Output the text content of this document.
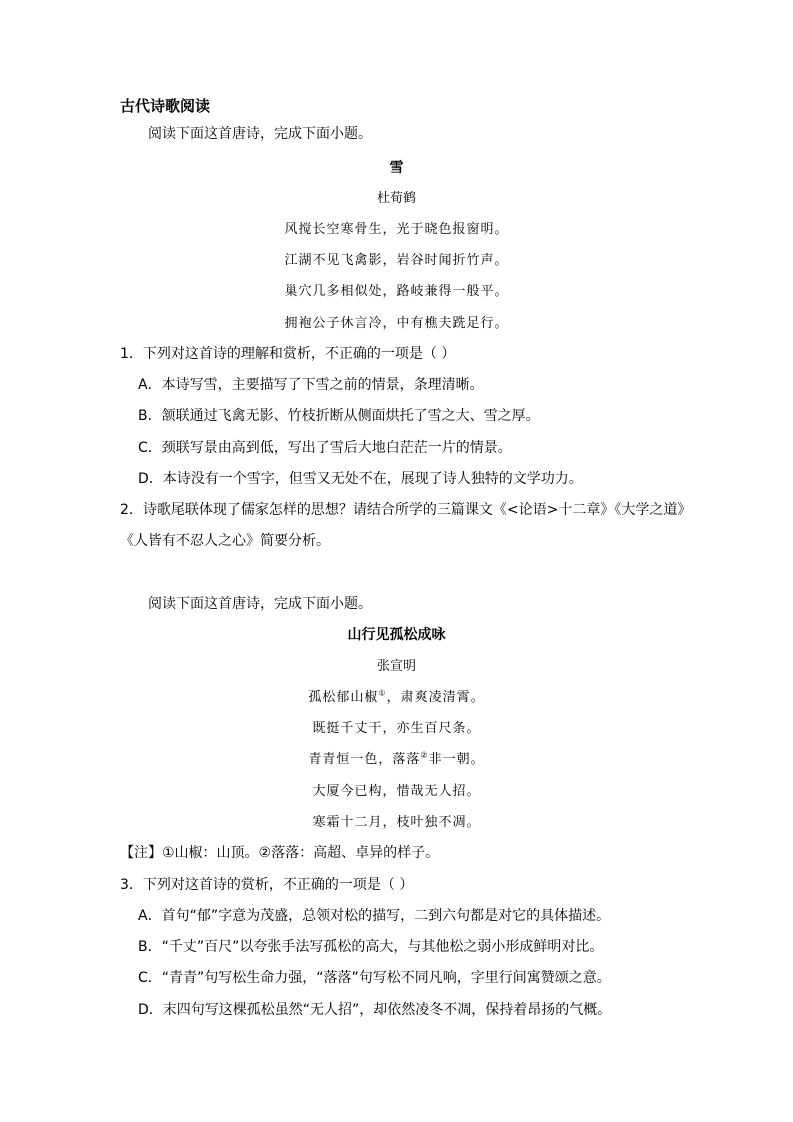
古代诗歌阅读
阅读下面这首唐诗，完成下面小题。
雪
杜荀鹤
风搅长空寒骨生，光于晓色报窗明。
江湖不见飞禽影，岩谷时闻折竹声。
巢穴几多相似处，路岐兼得一般平。
拥袍公子休言冷，中有樵夫跣足行。
1．下列对这首诗的理解和赏析，不正确的一项是（ ）
A．本诗写雪，主要描写了下雪之前的情景，条理清晰。
B．颔联通过飞禽无影、竹枝折断从侧面烘托了雪之大、雪之厚。
C．颈联写景由高到低，写出了雪后大地白茫茫一片的情景。
D．本诗没有一个雪字，但雪又无处不在，展现了诗人独特的文学功力。
2．诗歌尾联体现了儒家怎样的思想？请结合所学的三篇课文《<论语>十二章》《大学之道》
《人皆有不忍人之心》简要分析。
阅读下面这首唐诗，完成下面小题。
山行见孤松成咏
张宣明
孤松郁山椒①，肃爽凌清霄。
既挺千丈干，亦生百尺条。
青青恒一色，落落②非一朝。
大厦今已构，惜哉无人招。
寒霜十二月，枝叶独不凋。
【注】①山椒：山顶。②落落：高超、卓异的样子。
3．下列对这首诗的赏析，不正确的一项是（ ）
A．首句“郁”字意为茂盛，总领对松的描写，二到六句都是对它的具体描述。
B．“千丈”百尺”以夸张手法写孤松的高大，与其他松之弱小形成鲜明对比。
C．“青青”句写松生命力强，“落落”句写松不同凡响，字里行间寓赞颂之意。
D．末四句写这棵孤松虽然“无人招”，却依然凌冬不凋，保持着昂扬的气概。
